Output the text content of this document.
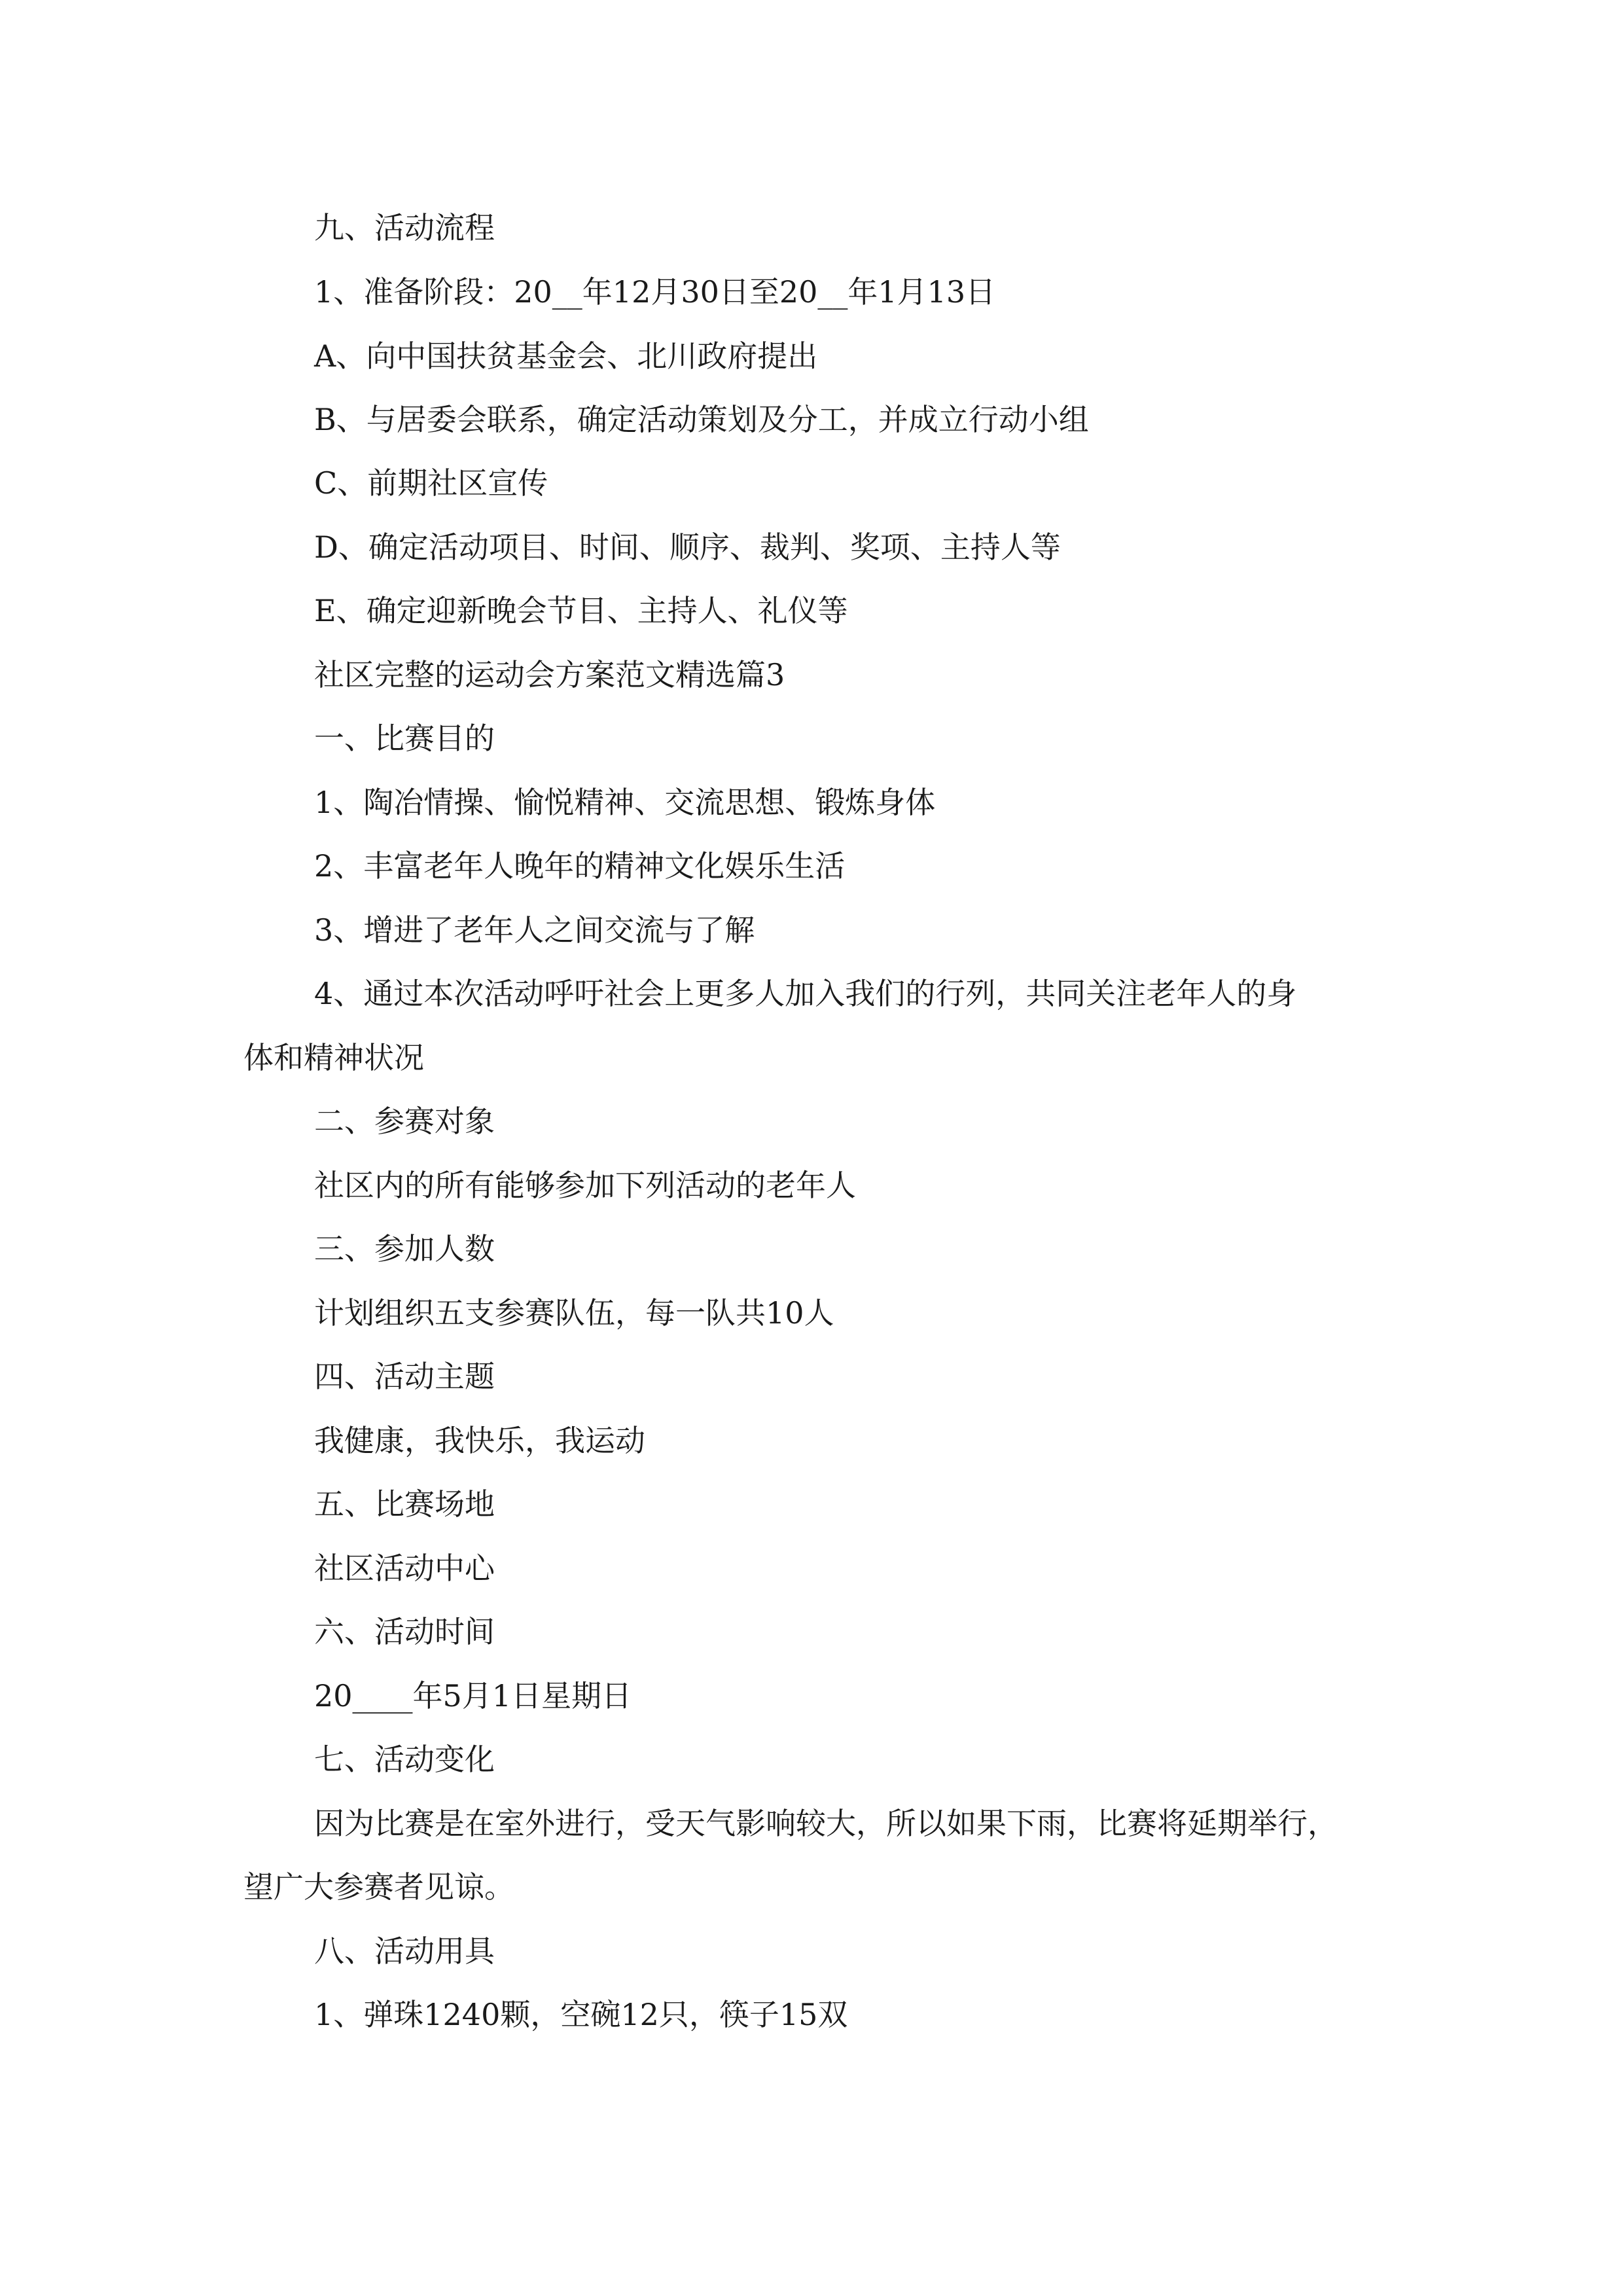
九、活动流程
1、准备阶段：20__年12月30日至20__年1月13日
A、向中国扶贫基金会、北川政府提出
B、与居委会联系，确定活动策划及分工，并成立行动小组
C、前期社区宣传
D、确定活动项目、时间、顺序、裁判、奖项、主持人等
E、确定迎新晚会节目、主持人、礼仪等
社区完整的运动会方案范文精选篇3
一、比赛目的
1、陶冶情操、愉悦精神、交流思想、锻炼身体
2、丰富老年人晚年的精神文化娱乐生活
3、增进了老年人之间交流与了解
4、通过本次活动呼吁社会上更多人加入我们的行列，共同关注老年人的身
体和精神状况
二、参赛对象
社区内的所有能够参加下列活动的老年人
三、参加人数
计划组织五支参赛队伍，每一队共10人
四、活动主题
我健康，我快乐，我运动
五、比赛场地
社区活动中心
六、活动时间
20____年5月1日星期日
七、活动变化
因为比赛是在室外进行，受天气影响较大，所以如果下雨，比赛将延期举行，
望广大参赛者见谅。
八、活动用具
1、弹珠1240颗，空碗12只，筷子15双
